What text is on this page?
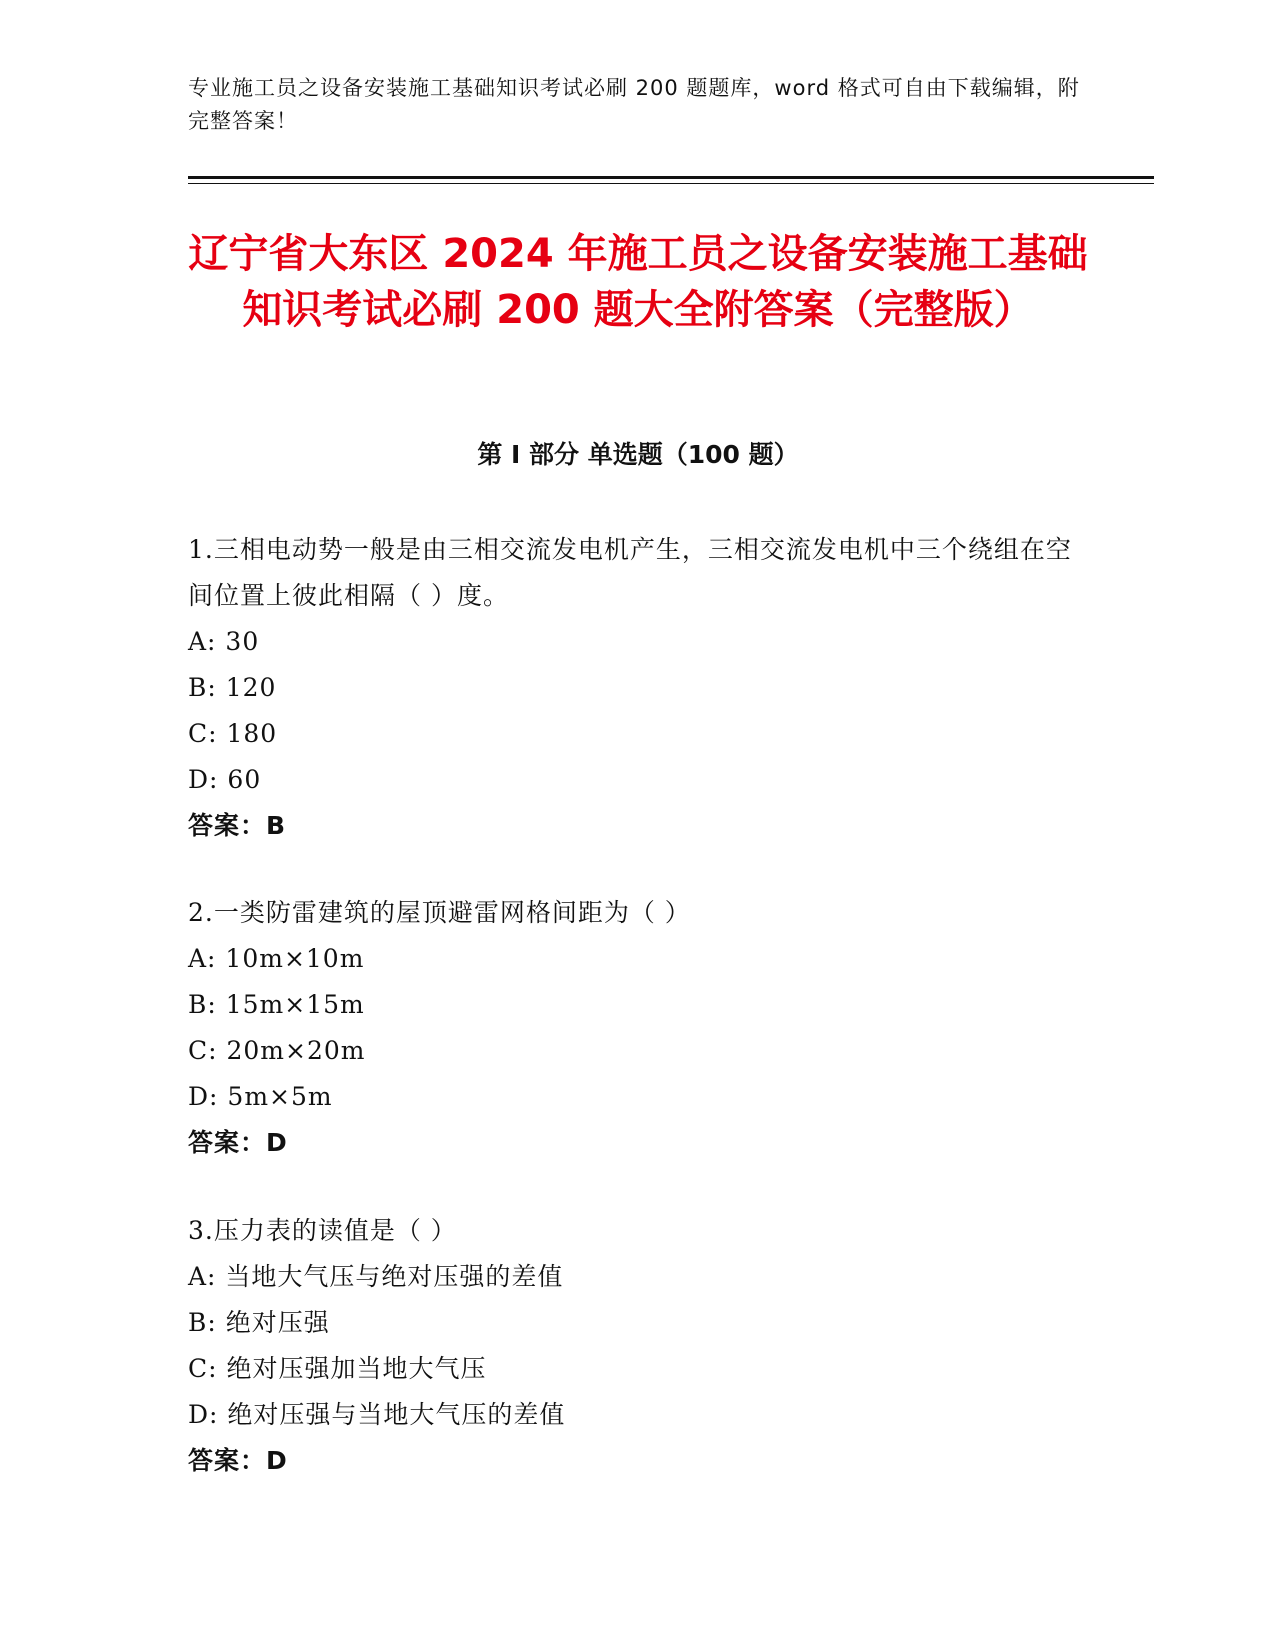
专业施工员之设备安装施工基础知识考试必刷 200 题题库，word 格式可自由下载编辑，附完整答案！
辽宁省大东区 2024 年施工员之设备安装施工基础知识考试必刷 200 题大全附答案（完整版）
第 I 部分 单选题（100 题）
1.三相电动势一般是由三相交流发电机产生，三相交流发电机中三个绕组在空间位置上彼此相隔（ ）度。
A: 30
B: 120
C: 180
D: 60
答案：B
2.一类防雷建筑的屋顶避雷网格间距为（ ）
A: 10m×10m
B: 15m×15m
C: 20m×20m
D: 5m×5m
答案：D
3.压力表的读值是（ ）
A: 当地大气压与绝对压强的差值
B: 绝对压强
C: 绝对压强加当地大气压
D: 绝对压强与当地大气压的差值
答案：D
